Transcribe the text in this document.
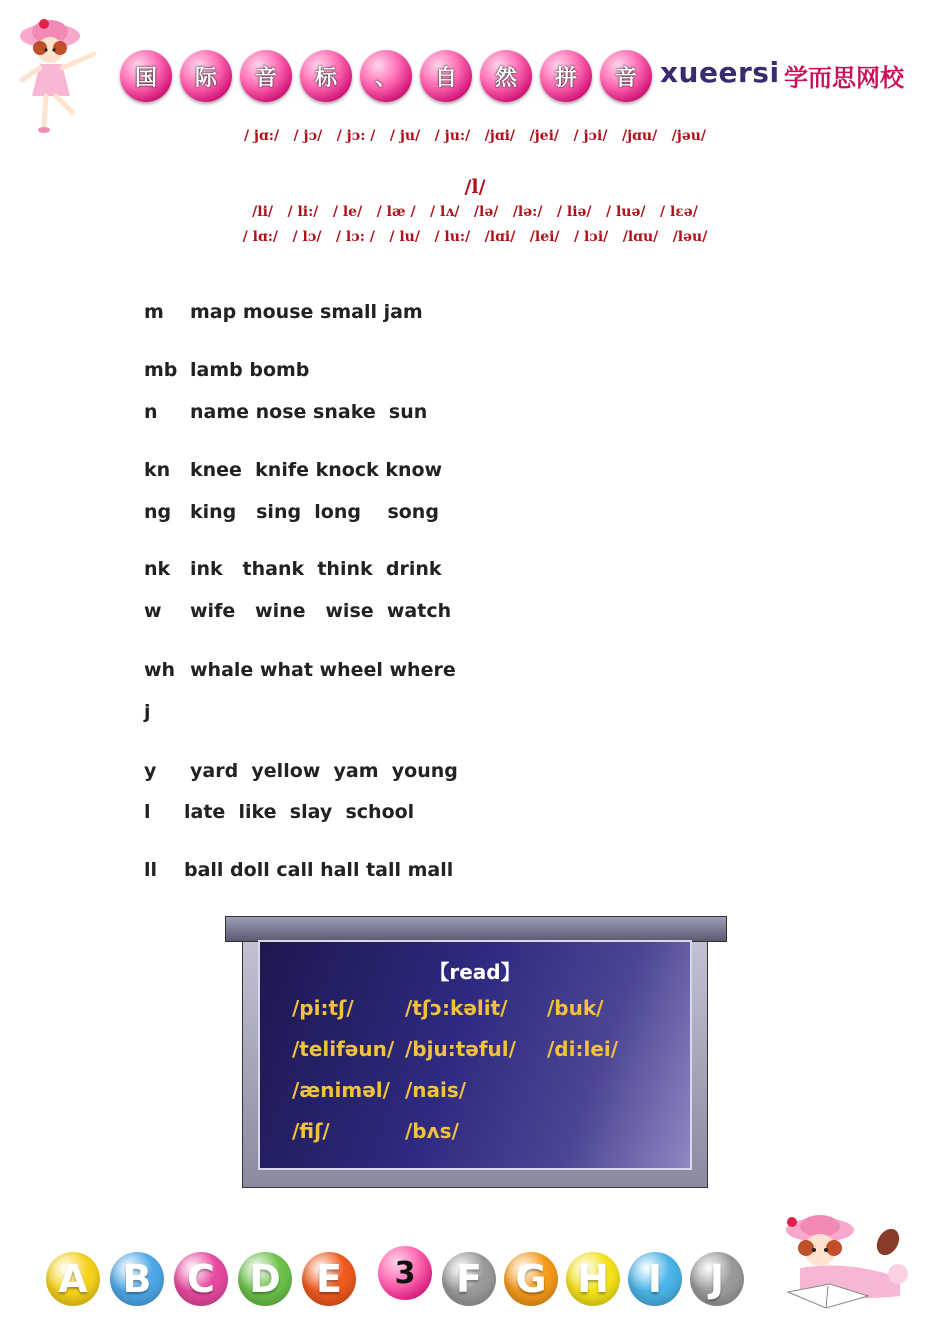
国	际	音	标	、	自	然	拼	音 xueersi 学而思网校
/ jɑ:/ / jɔ/ / jɔ: / / ju/ / ju:/ /jɑi/ /jei/ / jɔi/ /jɑu/ /jəu/
/l/
/li/ / li:/ / le/ / læ / / lʌ/ /lə/ /lə:/ / liə/ / luə/ / lɛə/
/ lɑ:/ / lɔ/ / lɔ: / / lu/ / lu:/ /lɑi/ /lei/ / lɔi/ /lɑu/ /ləu/
m map mouse small jam
mb lamb bomb
n name nose snake  sun
kn knee  knife knock know
ng king   sing  long    song
nk ink   thank  think  drink
w wife   wine   wise  watch
wh whale what wheel where
j
y yard  yellow  yam  young
l late  like  slay  school
ll ball doll call hall tall mall
【read】
/pi:tʃ/	/tʃɔ:kəlit/ /buk/
/telifəun/ /bju:təful/ /di:lei/
/ænimәl/ /nais/
/fiʃ/	/bʌs/
A B C D E	3	F G H	I	J
